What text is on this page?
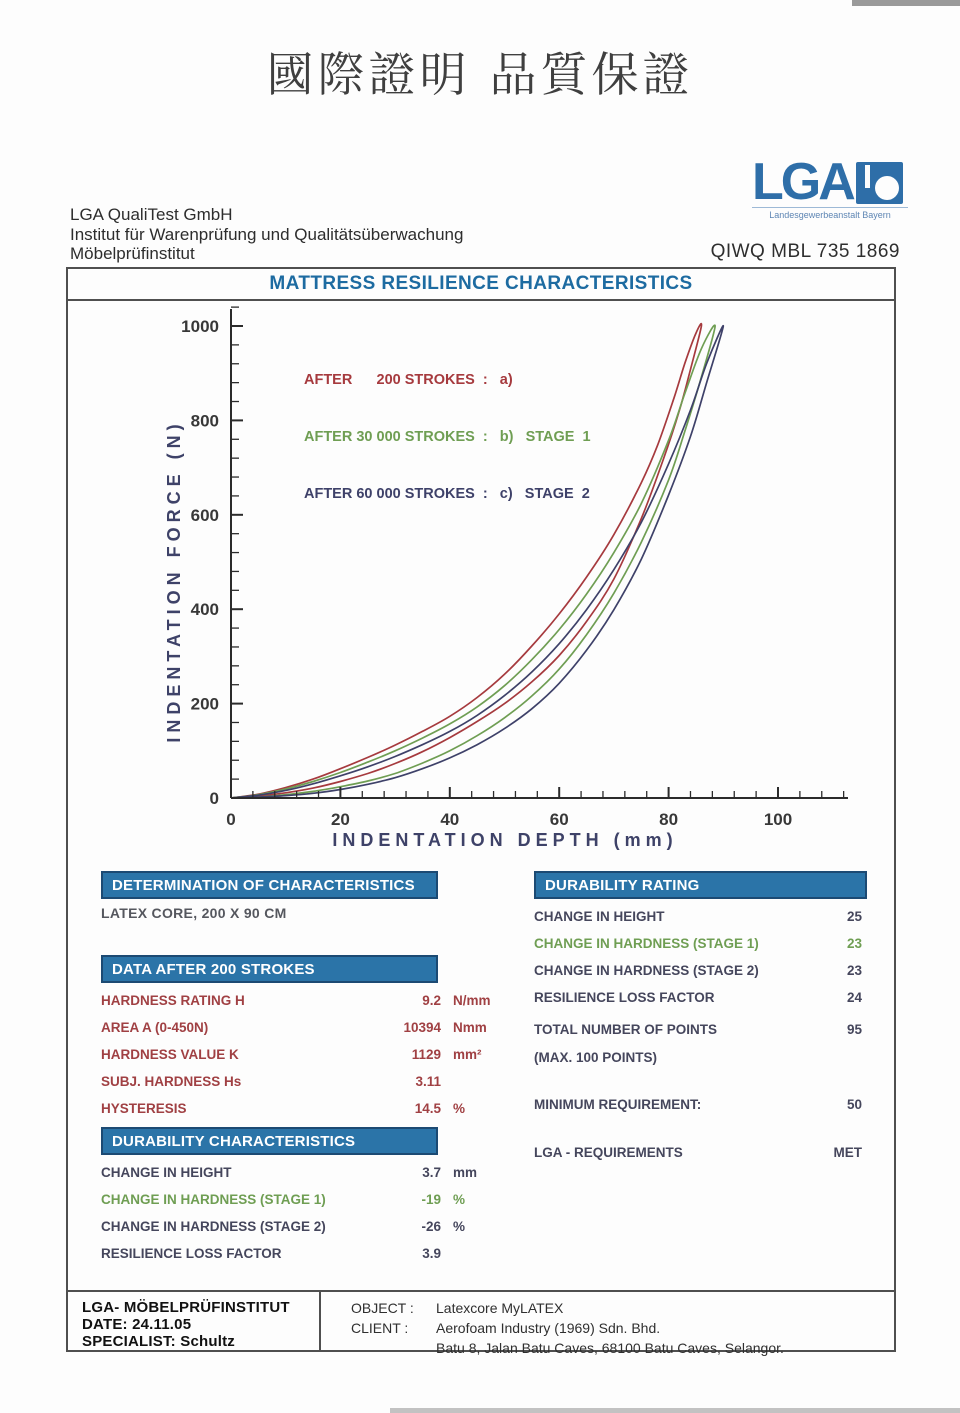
國際證明 品質保證
LGA QualiTest GmbH
Institut für Warenprüfung und Qualitätsüberwachung
Möbelprüfinstitut
LGA
Landesgewerbeanstalt Bayern
QIWQ MBL 735 1869
MATTRESS RESILIENCE CHARACTERISTICS
0	20	40	60	80	100
0
200
400
600
800
1000
INDENTATION DEPTH (mm)
INDENTATION FORCE (N)

AFTER      200 STROKES  :   a)

AFTER 30 000 STROKES  :   b)   STAGE  1

AFTER 60 000 STROKES  :   c)   STAGE  2

DETERMINATION OF CHARACTERISTICS
LATEX CORE, 200 X 90 CM
DATA AFTER 200 STROKES
HARDNESS RATING H	9.2 N/mm
AREA A (0-450N)	10394 Nmm
HARDNESS VALUE K	1129 mm²
SUBJ. HARDNESS Hs	3.11
HYSTERESIS	14.5 %
DURABILITY CHARACTERISTICS
CHANGE IN HEIGHT	3.7 mm
CHANGE IN HARDNESS (STAGE 1)	-19 %
CHANGE IN HARDNESS (STAGE 2)	-26 %
RESILIENCE LOSS FACTOR	3.9
DURABILITY RATING
CHANGE IN HEIGHT	25
CHANGE IN HARDNESS (STAGE 1)	23
CHANGE IN HARDNESS (STAGE 2)	23
RESILIENCE LOSS FACTOR	24
TOTAL NUMBER OF POINTS	95
(MAX. 100 POINTS)
MINIMUM REQUIREMENT:	50
LGA - REQUIREMENTS	MET
LGA- MÖBELPRÜFINSTITUT
DATE: 24.11.05
SPECIALIST: Schultz
OBJECT :	Latexcore MyLATEX
CLIENT :	Aerofoam Industry (1969) Sdn. Bhd.
Batu 8, Jalan Batu Caves, 68100 Batu Caves, Selangor.
